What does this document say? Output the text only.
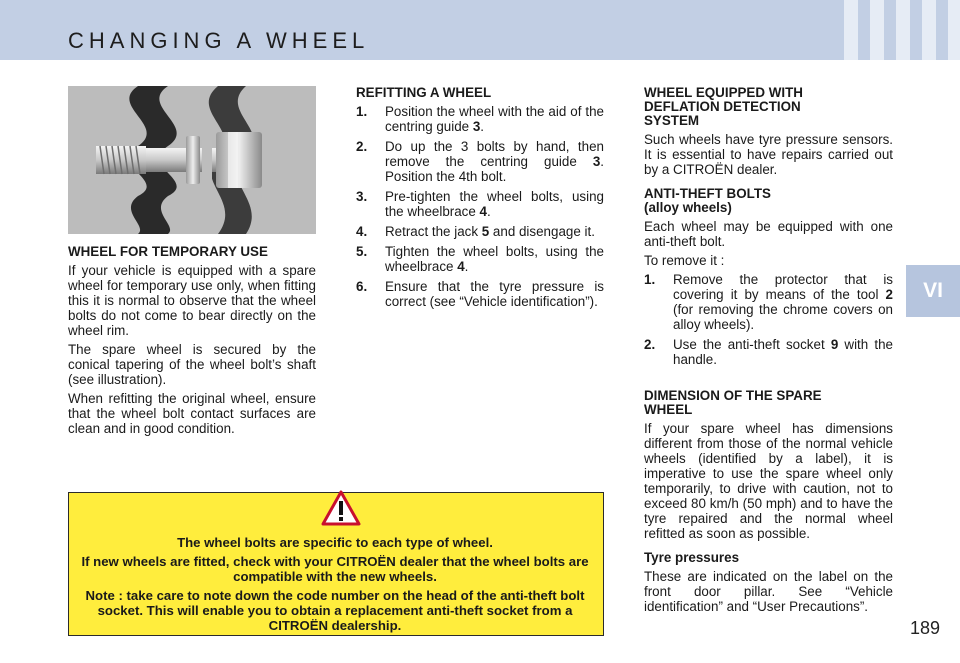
CHANGING A WHEEL
VI

WHEEL FOR TEMPORARY USE

If your vehicle is equipped with a spare wheel for temporary use only, when fitting this it is normal to observe that the wheel bolts do not come to bear directly on the wheel rim.

The spare wheel is secured by the conical tapering of the wheel bolt’s shaft (see illustration).

When refitting the original wheel, ensure that the wheel bolt contact surfaces are clean and in good condition.

REFITTING A WHEEL

1.	Position the wheel with the aid of the centring guide 3.
2.	Do up the 3 bolts by hand, then remove the centring guide 3. Position the 4th bolt.
3.	Pre-tighten the wheel bolts, using the wheelbrace 4.
4.	Retract the jack 5 and disengage it.
5.	Tighten the wheel bolts, using the wheelbrace 4.
6.	Ensure that the tyre pressure is correct (see “Vehicle identification”).

WHEEL EQUIPPED WITH DEFLATION DETECTION SYSTEM

Such wheels have tyre pressure sensors. It is essential to have repairs carried out by a CITROËN dealer.

ANTI-THEFT BOLTS

(alloy wheels)

Each wheel may be equipped with one anti-theft bolt.

To remove it :

1.	Remove the protector that is covering it by means of the tool 2 (for removing the chrome covers on alloy wheels).
2.	Use the anti-theft socket 9 with the handle.

DIMENSION OF THE SPARE WHEEL

If your spare wheel has dimensions different from those of the normal vehicle wheels (identified by a label), it is imperative to use the spare wheel only temporarily, to drive with caution, not to exceed 80 km/h (50 mph) and to have the tyre repaired and the normal wheel refitted as soon as possible.

Tyre pressures

These are indicated on the label on the front door pillar. See “Vehicle identification” and “User Precautions”.

The wheel bolts are specific to each type of wheel.

If new wheels are fitted, check with your CITROËN dealer that the wheel bolts are compatible with the new wheels.

Note : take care to note down the code number on the head of the anti-theft bolt socket. This will enable you to obtain a replacement anti-theft socket from a CITROËN dealership.	189
